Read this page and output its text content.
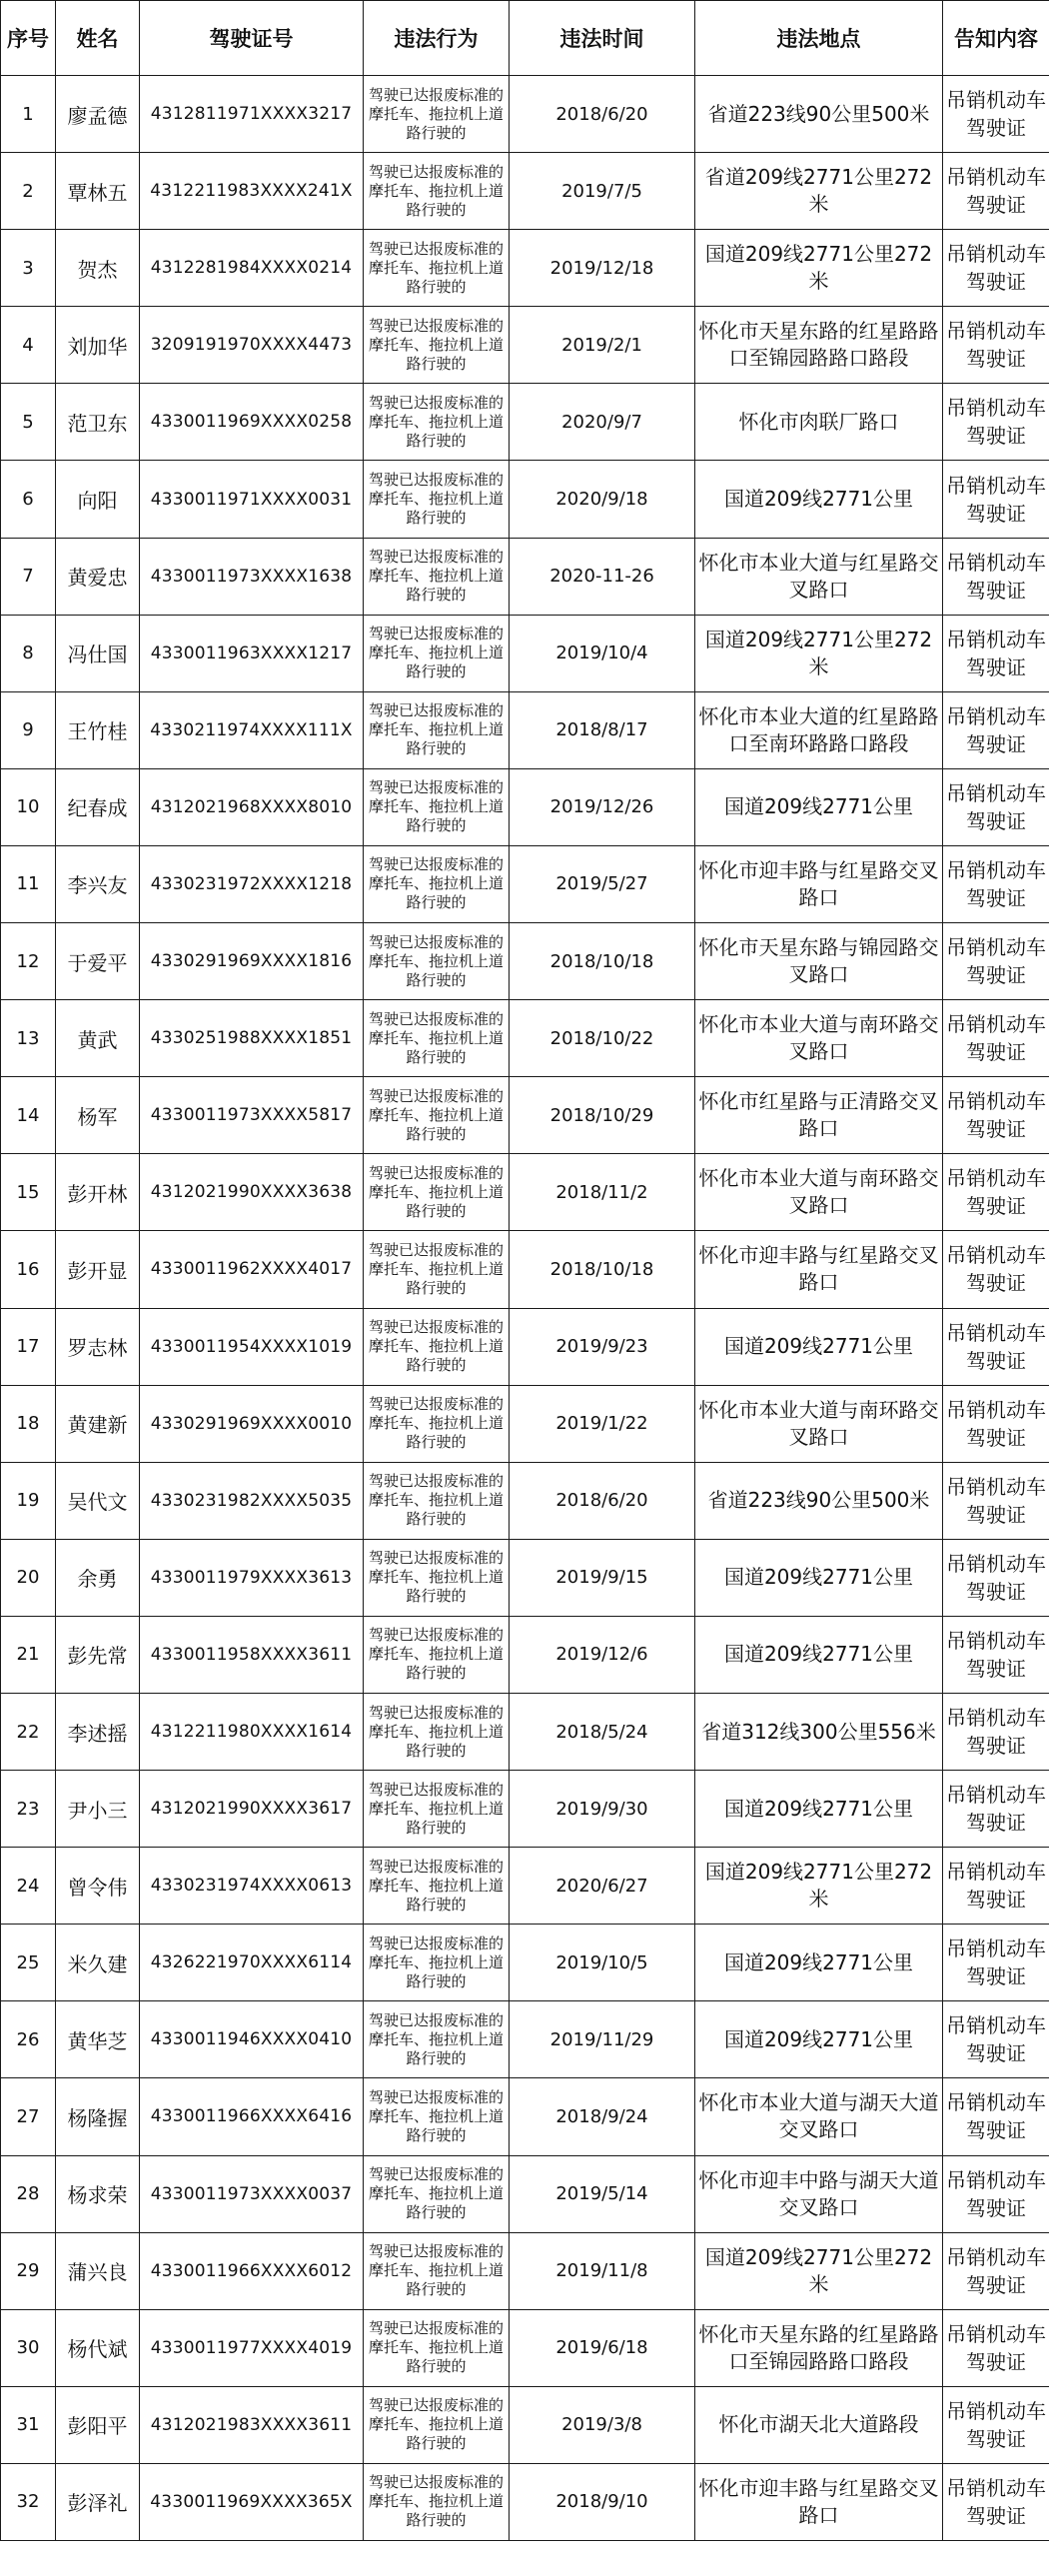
序号	姓名	驾驶证号	违法行为	违法时间	违法地点	告知内容
1	廖孟德	4312811971XXXX3217	驾驶已达报废标准的摩托车、拖拉机上道路行驶的	2018/6/20	省道223线90公里500米	吊销机动车驾驶证
2	覃林五	4312211983XXXX241X	驾驶已达报废标准的摩托车、拖拉机上道路行驶的	2019/7/5	省道209线2771公里272米	吊销机动车驾驶证
3	贺杰	4312281984XXXX0214	驾驶已达报废标准的摩托车、拖拉机上道路行驶的	2019/12/18	国道209线2771公里272米	吊销机动车驾驶证
4	刘加华	3209191970XXXX4473	驾驶已达报废标准的摩托车、拖拉机上道路行驶的	2019/2/1	怀化市天星东路的红星路路口至锦园路路口路段	吊销机动车驾驶证
5	范卫东	4330011969XXXX0258	驾驶已达报废标准的摩托车、拖拉机上道路行驶的	2020/9/7	怀化市肉联厂路口	吊销机动车驾驶证
6	向阳	4330011971XXXX0031	驾驶已达报废标准的摩托车、拖拉机上道路行驶的	2020/9/18	国道209线2771公里	吊销机动车驾驶证
7	黄爱忠	4330011973XXXX1638	驾驶已达报废标准的摩托车、拖拉机上道路行驶的	2020-11-26	怀化市本业大道与红星路交叉路口	吊销机动车驾驶证
8	冯仕国	4330011963XXXX1217	驾驶已达报废标准的摩托车、拖拉机上道路行驶的	2019/10/4	国道209线2771公里272米	吊销机动车驾驶证
9	王竹桂	4330211974XXXX111X	驾驶已达报废标准的摩托车、拖拉机上道路行驶的	2018/8/17	怀化市本业大道的红星路路口至南环路路口路段	吊销机动车驾驶证
10	纪春成	4312021968XXXX8010	驾驶已达报废标准的摩托车、拖拉机上道路行驶的	2019/12/26	国道209线2771公里	吊销机动车驾驶证
11	李兴友	4330231972XXXX1218	驾驶已达报废标准的摩托车、拖拉机上道路行驶的	2019/5/27	怀化市迎丰路与红星路交叉路口	吊销机动车驾驶证
12	于爱平	4330291969XXXX1816	驾驶已达报废标准的摩托车、拖拉机上道路行驶的	2018/10/18	怀化市天星东路与锦园路交叉路口	吊销机动车驾驶证
13	黄武	4330251988XXXX1851	驾驶已达报废标准的摩托车、拖拉机上道路行驶的	2018/10/22	怀化市本业大道与南环路交叉路口	吊销机动车驾驶证
14	杨军	4330011973XXXX5817	驾驶已达报废标准的摩托车、拖拉机上道路行驶的	2018/10/29	怀化市红星路与正清路交叉路口	吊销机动车驾驶证
15	彭开林	4312021990XXXX3638	驾驶已达报废标准的摩托车、拖拉机上道路行驶的	2018/11/2	怀化市本业大道与南环路交叉路口	吊销机动车驾驶证
16	彭开显	4330011962XXXX4017	驾驶已达报废标准的摩托车、拖拉机上道路行驶的	2018/10/18	怀化市迎丰路与红星路交叉路口	吊销机动车驾驶证
17	罗志林	4330011954XXXX1019	驾驶已达报废标准的摩托车、拖拉机上道路行驶的	2019/9/23	国道209线2771公里	吊销机动车驾驶证
18	黄建新	4330291969XXXX0010	驾驶已达报废标准的摩托车、拖拉机上道路行驶的	2019/1/22	怀化市本业大道与南环路交叉路口	吊销机动车驾驶证
19	吴代文	4330231982XXXX5035	驾驶已达报废标准的摩托车、拖拉机上道路行驶的	2018/6/20	省道223线90公里500米	吊销机动车驾驶证
20	余勇	4330011979XXXX3613	驾驶已达报废标准的摩托车、拖拉机上道路行驶的	2019/9/15	国道209线2771公里	吊销机动车驾驶证
21	彭先常	4330011958XXXX3611	驾驶已达报废标准的摩托车、拖拉机上道路行驶的	2019/12/6	国道209线2771公里	吊销机动车驾驶证
22	李述摇	4312211980XXXX1614	驾驶已达报废标准的摩托车、拖拉机上道路行驶的	2018/5/24	省道312线300公里556米	吊销机动车驾驶证
23	尹小三	4312021990XXXX3617	驾驶已达报废标准的摩托车、拖拉机上道路行驶的	2019/9/30	国道209线2771公里	吊销机动车驾驶证
24	曾令伟	4330231974XXXX0613	驾驶已达报废标准的摩托车、拖拉机上道路行驶的	2020/6/27	国道209线2771公里272米	吊销机动车驾驶证
25	米久建	4326221970XXXX6114	驾驶已达报废标准的摩托车、拖拉机上道路行驶的	2019/10/5	国道209线2771公里	吊销机动车驾驶证
26	黄华芝	4330011946XXXX0410	驾驶已达报废标准的摩托车、拖拉机上道路行驶的	2019/11/29	国道209线2771公里	吊销机动车驾驶证
27	杨隆握	4330011966XXXX6416	驾驶已达报废标准的摩托车、拖拉机上道路行驶的	2018/9/24	怀化市本业大道与湖天大道交叉路口	吊销机动车驾驶证
28	杨求荣	4330011973XXXX0037	驾驶已达报废标准的摩托车、拖拉机上道路行驶的	2019/5/14	怀化市迎丰中路与湖天大道交叉路口	吊销机动车驾驶证
29	蒲兴良	4330011966XXXX6012	驾驶已达报废标准的摩托车、拖拉机上道路行驶的	2019/11/8	国道209线2771公里272米	吊销机动车驾驶证
30	杨代斌	4330011977XXXX4019	驾驶已达报废标准的摩托车、拖拉机上道路行驶的	2019/6/18	怀化市天星东路的红星路路口至锦园路路口路段	吊销机动车驾驶证
31	彭阳平	4312021983XXXX3611	驾驶已达报废标准的摩托车、拖拉机上道路行驶的	2019/3/8	怀化市湖天北大道路段	吊销机动车驾驶证
32	彭泽礼	4330011969XXXX365X	驾驶已达报废标准的摩托车、拖拉机上道路行驶的	2018/9/10	怀化市迎丰路与红星路交叉路口	吊销机动车驾驶证
